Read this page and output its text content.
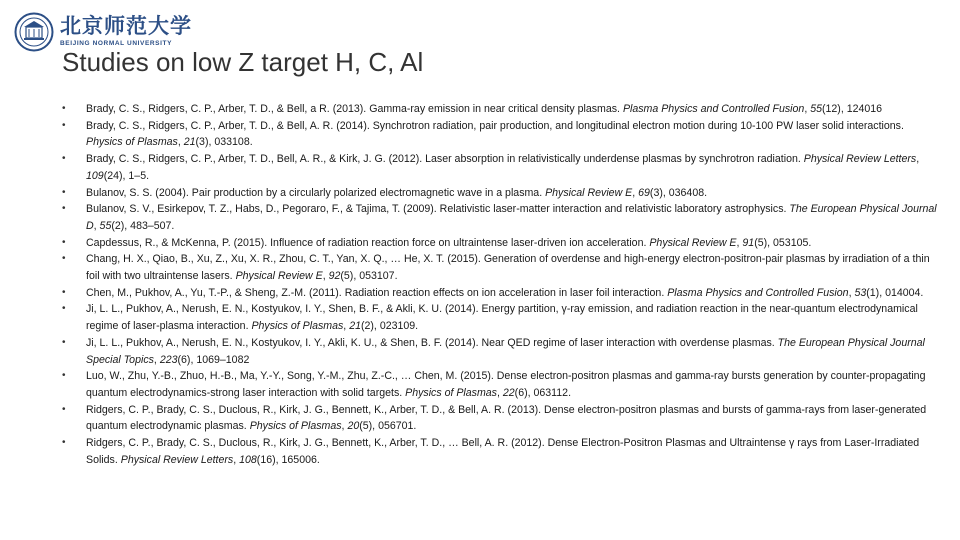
北京师范大学
BEIJING NORMAL UNIVERSITY
Studies on low Z target H, C, Al
• Brady, C. S., Ridgers, C. P., Arber, T. D., & Bell, a R. (2013). Gamma-ray emission in near critical density plasmas. Plasma Physics and Controlled Fusion, 55(12), 124016
• Brady, C. S., Ridgers, C. P., Arber, T. D., & Bell, A. R. (2014). Synchrotron radiation, pair production, and longitudinal electron motion during 10-100 PW laser solid interactions. Physics of Plasmas, 21(3), 033108.
• Brady, C. S., Ridgers, C. P., Arber, T. D., Bell, A. R., & Kirk, J. G. (2012). Laser absorption in relativistically underdense plasmas by synchrotron radiation. Physical Review Letters, 109(24), 1–5.
• Bulanov, S. S. (2004). Pair production by a circularly polarized electromagnetic wave in a plasma. Physical Review E, 69(3), 036408.
• Bulanov, S. V., Esirkepov, T. Z., Habs, D., Pegoraro, F., & Tajima, T. (2009). Relativistic laser-matter interaction and relativistic laboratory astrophysics. The European Physical Journal D, 55(2), 483–507.
• Capdessus, R., & McKenna, P. (2015). Influence of radiation reaction force on ultraintense laser-driven ion acceleration. Physical Review E, 91(5), 053105.
• Chang, H. X., Qiao, B., Xu, Z., Xu, X. R., Zhou, C. T., Yan, X. Q., … He, X. T. (2015). Generation of overdense and high-energy electron-positron-pair plasmas by irradiation of a thin foil with two ultraintense lasers. Physical Review E, 92(5), 053107.
• Chen, M., Pukhov, A., Yu, T.-P., & Sheng, Z.-M. (2011). Radiation reaction effects on ion acceleration in laser foil interaction. Plasma Physics and Controlled Fusion, 53(1), 014004.
• Ji, L. L., Pukhov, A., Nerush, E. N., Kostyukov, I. Y., Shen, B. F., & Akli, K. U. (2014). Energy partition, γ-ray emission, and radiation reaction in the near-quantum electrodynamical regime of laser-plasma interaction. Physics of Plasmas, 21(2), 023109.
• Ji, L. L., Pukhov, A., Nerush, E. N., Kostyukov, I. Y., Akli, K. U., & Shen, B. F. (2014). Near QED regime of laser interaction with overdense plasmas. The European Physical Journal Special Topics, 223(6), 1069–1082
• Luo, W., Zhu, Y.-B., Zhuo, H.-B., Ma, Y.-Y., Song, Y.-M., Zhu, Z.-C., … Chen, M. (2015). Dense electron-positron plasmas and gamma-ray bursts generation by counter-propagating quantum electrodynamics-strong laser interaction with solid targets. Physics of Plasmas, 22(6), 063112.
• Ridgers, C. P., Brady, C. S., Duclous, R., Kirk, J. G., Bennett, K., Arber, T. D., & Bell, A. R. (2013). Dense electron-positron plasmas and bursts of gamma-rays from laser-generated quantum electrodynamic plasmas. Physics of Plasmas, 20(5), 056701.
• Ridgers, C. P., Brady, C. S., Duclous, R., Kirk, J. G., Bennett, K., Arber, T. D., … Bell, A. R. (2012). Dense Electron-Positron Plasmas and Ultraintense γ rays from Laser-Irradiated Solids. Physical Review Letters, 108(16), 165006.
